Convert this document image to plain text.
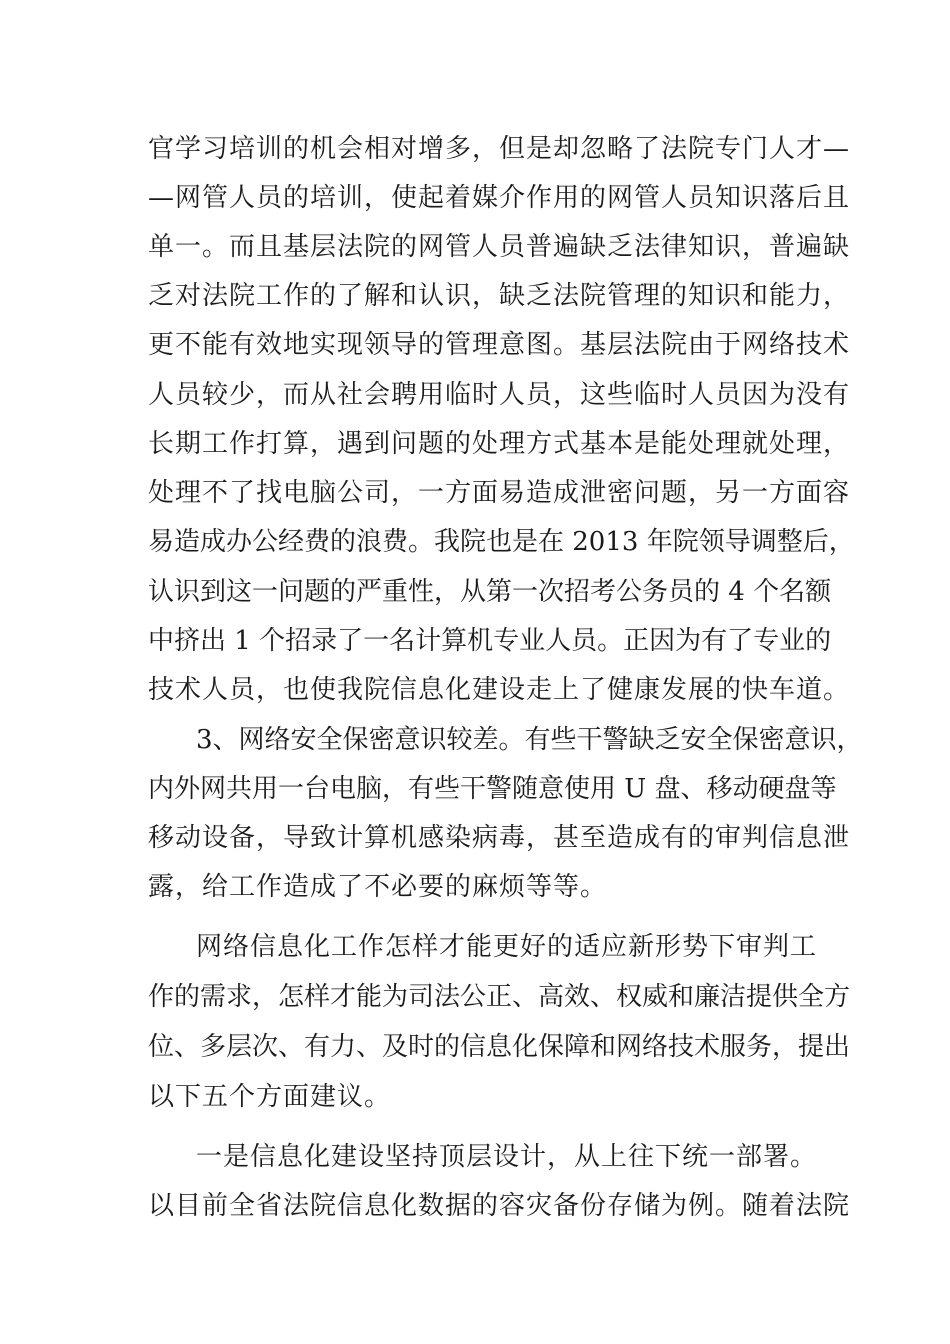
官学习培训的机会相对增多，但是却忽略了法院专门人才—
—网管人员的培训，使起着媒介作用的网管人员知识落后且
单一。而且基层法院的网管人员普遍缺乏法律知识，普遍缺
乏对法院工作的了解和认识，缺乏法院管理的知识和能力，
更不能有效地实现领导的管理意图。基层法院由于网络技术
人员较少，而从社会聘用临时人员，这些临时人员因为没有
长期工作打算，遇到问题的处理方式基本是能处理就处理，
处理不了找电脑公司，一方面易造成泄密问题，另一方面容
易造成办公经费的浪费。我院也是在 2013 年院领导调整后，
认识到这一问题的严重性，从第一次招考公务员的 4 个名额
中挤出 1 个招录了一名计算机专业人员。正因为有了专业的
技术人员，也使我院信息化建设走上了健康发展的快车道。
3、网络安全保密意识较差。有些干警缺乏安全保密意识，
内外网共用一台电脑，有些干警随意使用 U 盘、移动硬盘等
移动设备，导致计算机感染病毒，甚至造成有的审判信息泄
露，给工作造成了不必要的麻烦等等。
网络信息化工作怎样才能更好的适应新形势下审判工
作的需求，怎样才能为司法公正、高效、权威和廉洁提供全方
位、多层次、有力、及时的信息化保障和网络技术服务，提出
以下五个方面建议。
一是信息化建设坚持顶层设计，从上往下统一部署。
以目前全省法院信息化数据的容灾备份存储为例。随着法院
